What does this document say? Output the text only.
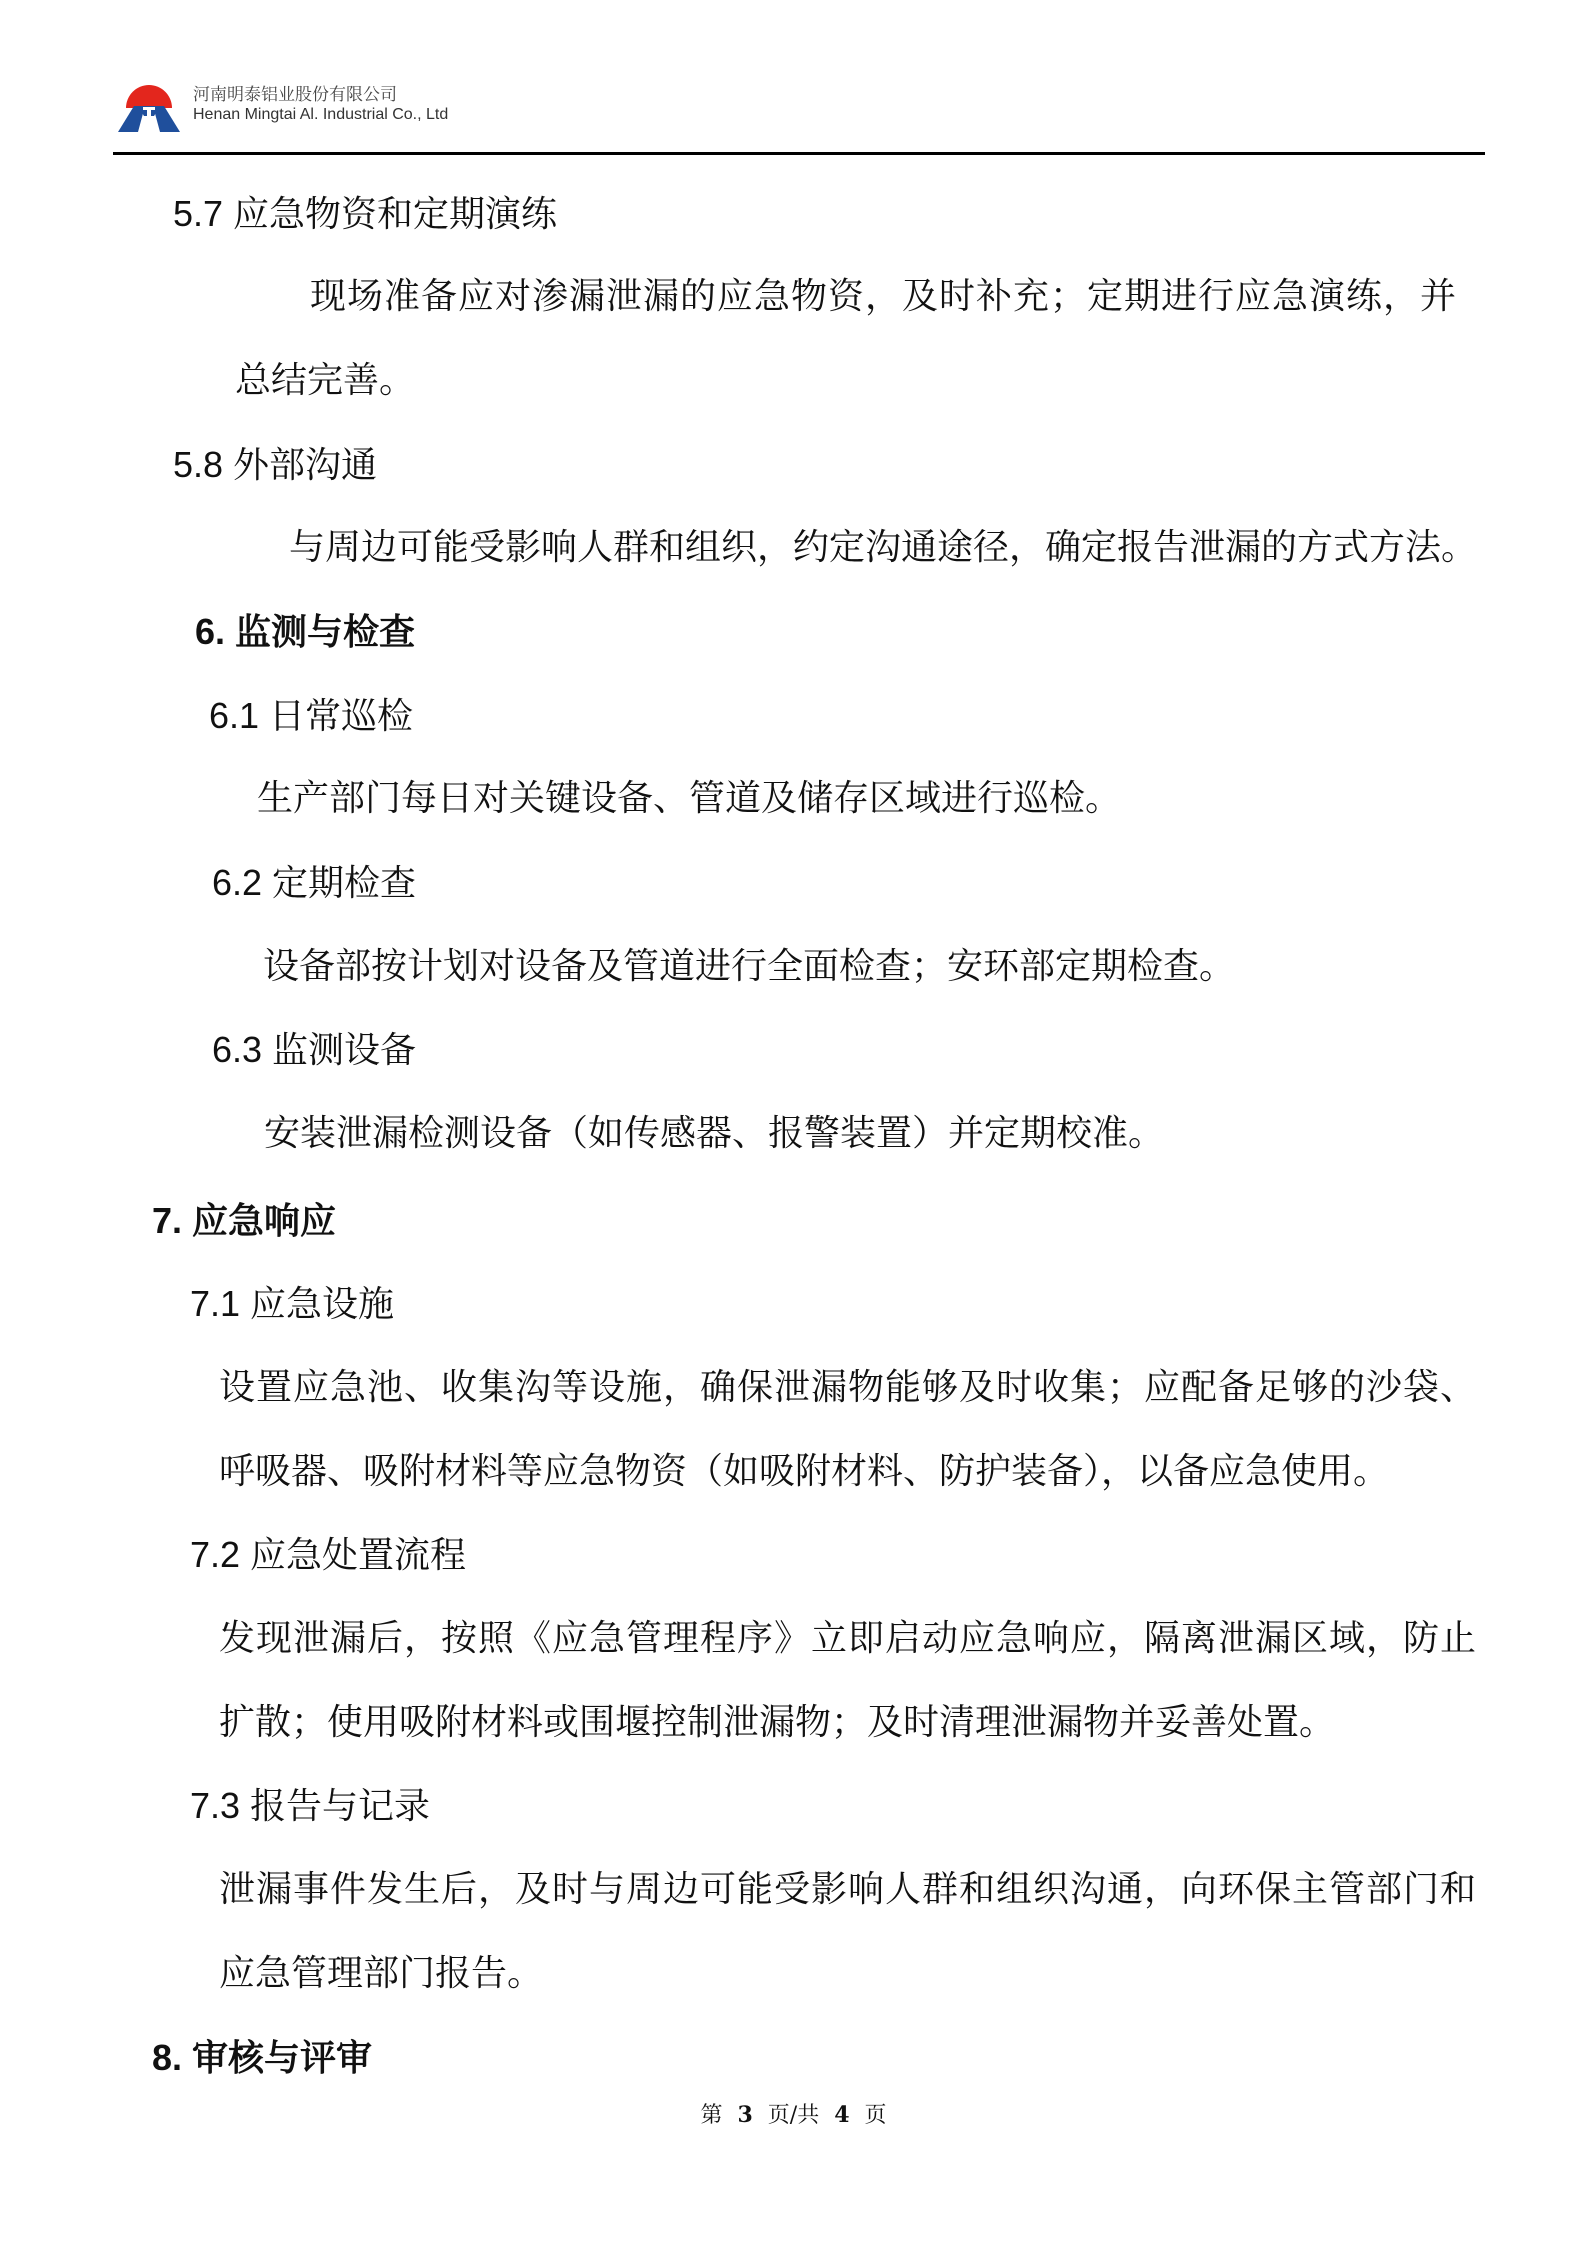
河南明泰铝业股份有限公司
Henan Mingtai Al. Industrial Co., Ltd
5.7 应急物资和定期演练
现场准备应对渗漏泄漏的应急物资，及时补充；定期进行应急演练，并
总结完善。
5.8 外部沟通
与周边可能受影响人群和组织，约定沟通途径，确定报告泄漏的方式方法。
6. 监测与检查
6.1 日常巡检
生产部门每日对关键设备、管道及储存区域进行巡检。
6.2 定期检查
设备部按计划对设备及管道进行全面检查；安环部定期检查。
6.3 监测设备
安装泄漏检测设备（如传感器、报警装置）并定期校准。
7. 应急响应
7.1 应急设施
设置应急池、收集沟等设施，确保泄漏物能够及时收集；应配备足够的沙袋、
呼吸器、吸附材料等应急物资（如吸附材料、防护装备），以备应急使用。
7.2 应急处置流程
发现泄漏后，按照《应急管理程序》立即启动应急响应，隔离泄漏区域，防止
扩散；使用吸附材料或围堰控制泄漏物；及时清理泄漏物并妥善处置。
7.3 报告与记录
泄漏事件发生后，及时与周边可能受影响人群和组织沟通，向环保主管部门和
应急管理部门报告。
8. 审核与评审
第 3 页/共 4 页
